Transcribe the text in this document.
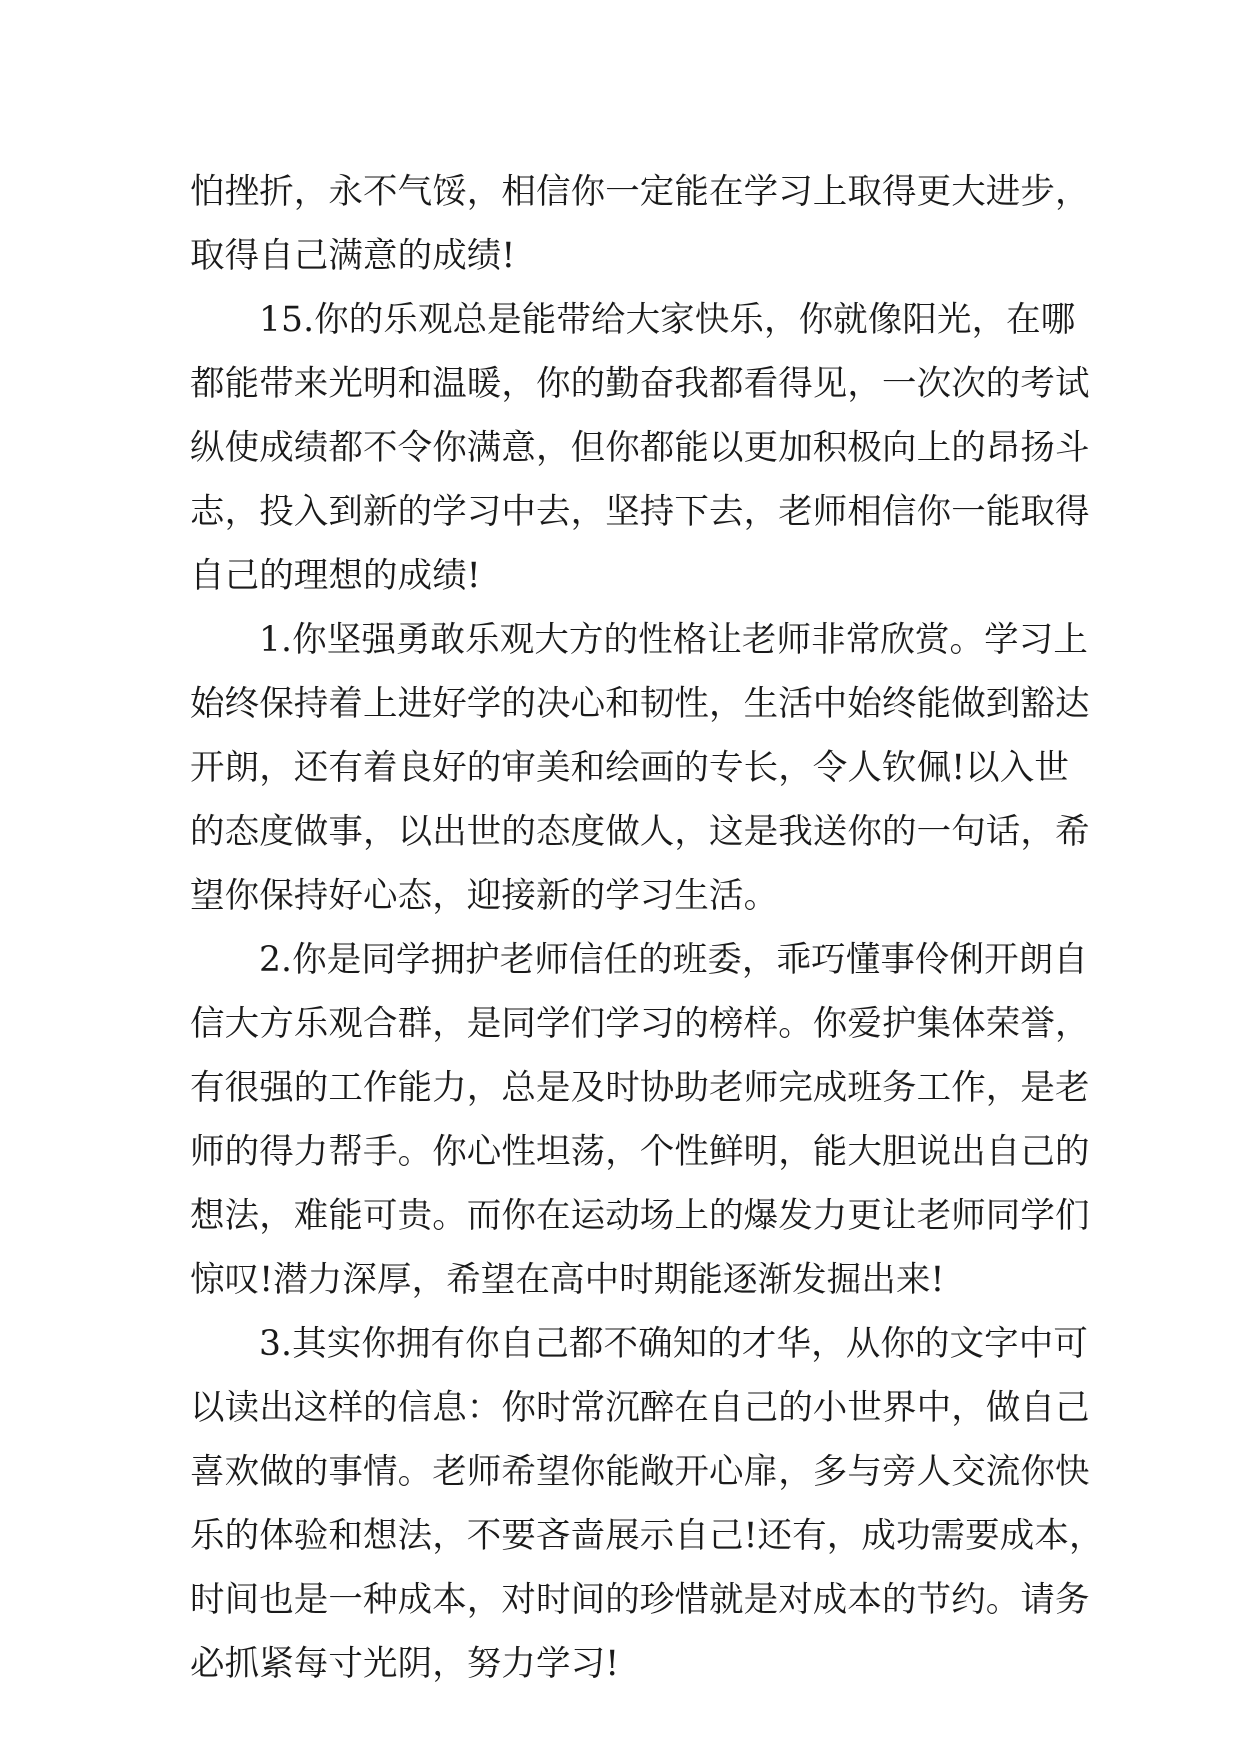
怕挫折，永不气馁，相信你一定能在学习上取得更大进步，
取得自己满意的成绩!
15.你的乐观总是能带给大家快乐，你就像阳光，在哪
都能带来光明和温暖，你的勤奋我都看得见，一次次的考试
纵使成绩都不令你满意，但你都能以更加积极向上的昂扬斗
志，投入到新的学习中去，坚持下去，老师相信你一能取得
自己的理想的成绩!
1.你坚强勇敢乐观大方的性格让老师非常欣赏。学习上
始终保持着上进好学的决心和韧性，生活中始终能做到豁达
开朗，还有着良好的审美和绘画的专长，令人钦佩!以入世
的态度做事，以出世的态度做人，这是我送你的一句话，希
望你保持好心态，迎接新的学习生活。
2.你是同学拥护老师信任的班委，乖巧懂事伶俐开朗自
信大方乐观合群，是同学们学习的榜样。你爱护集体荣誉，
有很强的工作能力，总是及时协助老师完成班务工作，是老
师的得力帮手。你心性坦荡，个性鲜明，能大胆说出自己的
想法，难能可贵。而你在运动场上的爆发力更让老师同学们
惊叹!潜力深厚，希望在高中时期能逐渐发掘出来!
3.其实你拥有你自己都不确知的才华，从你的文字中可
以读出这样的信息：你时常沉醉在自己的小世界中，做自己
喜欢做的事情。老师希望你能敞开心扉，多与旁人交流你快
乐的体验和想法，不要吝啬展示自己!还有，成功需要成本，
时间也是一种成本，对时间的珍惜就是对成本的节约。请务
必抓紧每寸光阴，努力学习!
